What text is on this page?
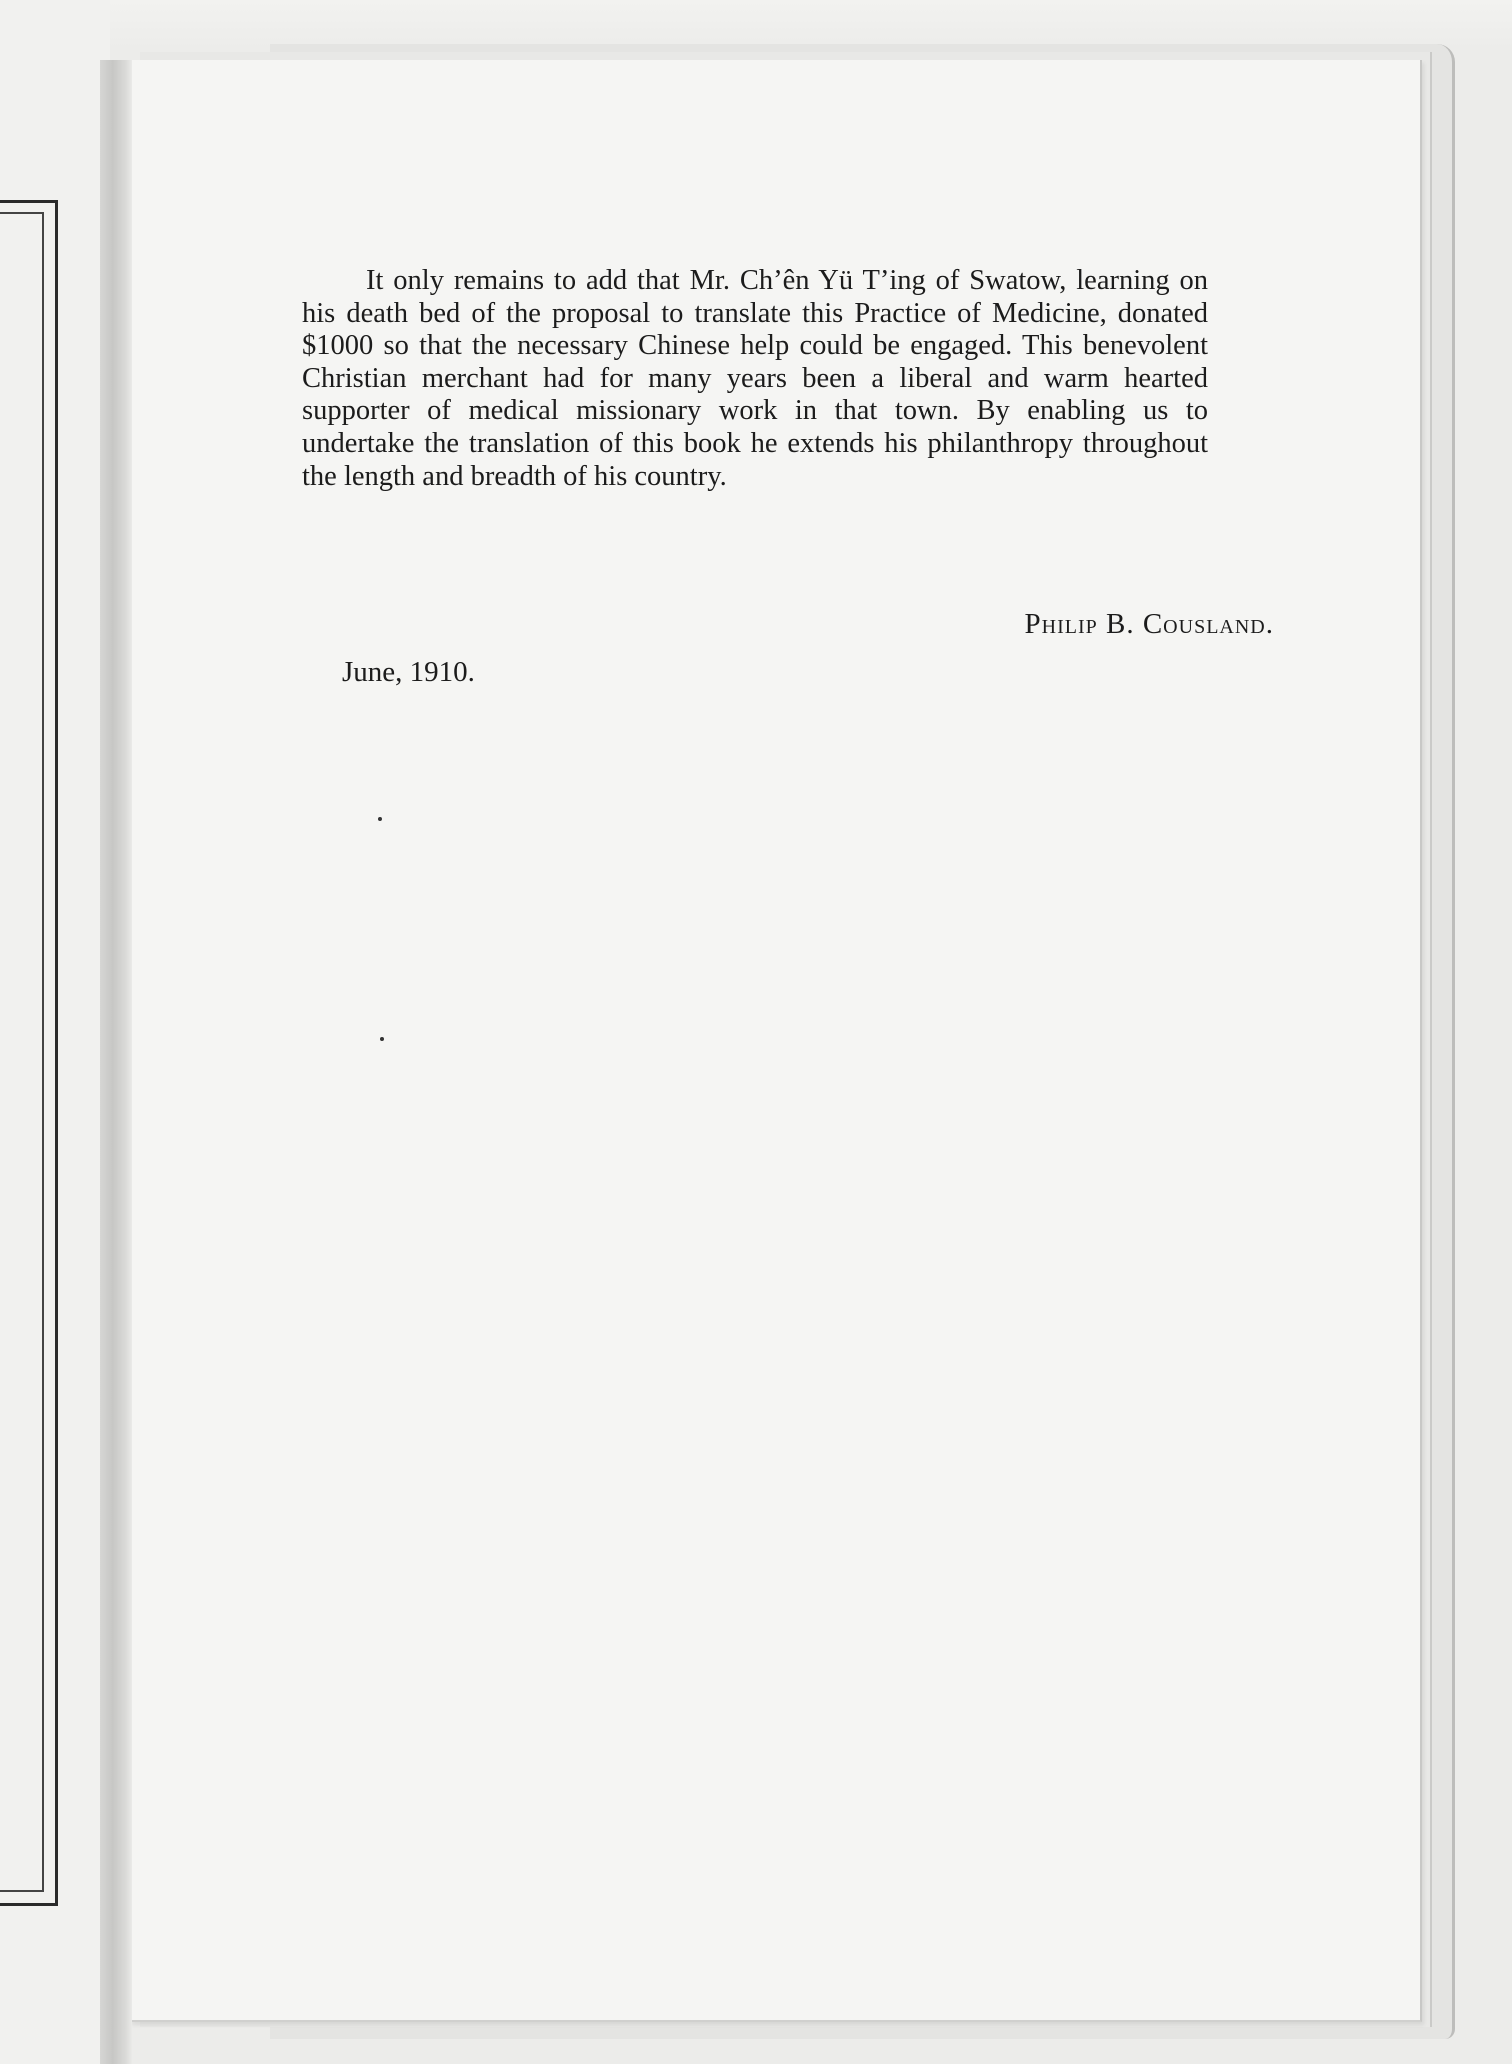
It only remains to add that Mr. Ch’ên Yü T’ing of Swatow, learning on his death bed of the proposal to translate this Practice of Medicine, donated $1000 so that the necessary Chinese help could be engaged. This benevolent Christian merchant had for many years been a liberal and warm hearted supporter of medical missionary work in that town. By enabling us to undertake the translation of this book he extends his philanthropy throughout the length and breadth of his country.

Philip B. Cousland.

June, 1910.
